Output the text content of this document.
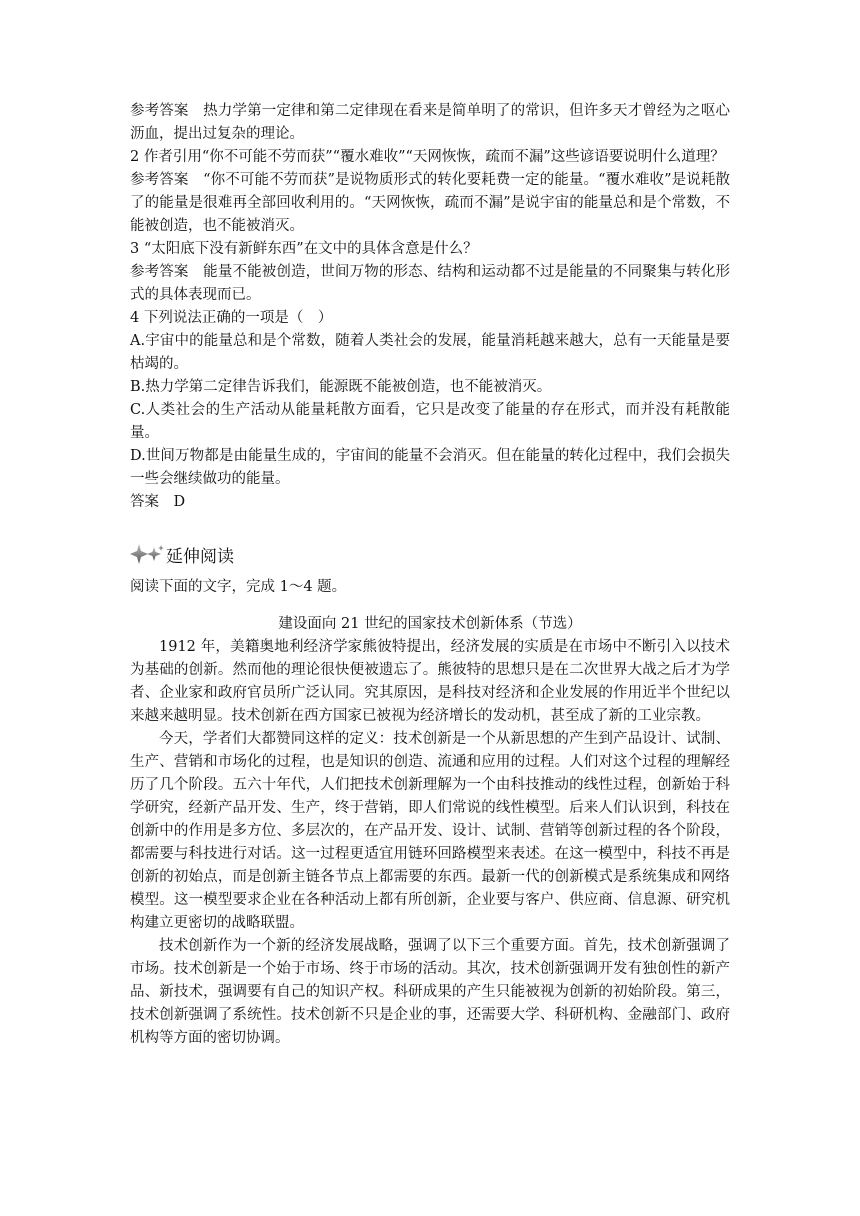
参考答案　热力学第一定律和第二定律现在看来是简单明了的常识，但许多天才曾经为之呕心沥血，提出过复杂的理论。

2 作者引用“你不可能不劳而获”“覆水难收”“天网恢恢，疏而不漏”这些谚语要说明什么道理？

参考答案　“你不可能不劳而获”是说物质形式的转化要耗费一定的能量。“覆水难收”是说耗散了的能量是很难再全部回收利用的。“天网恢恢，疏而不漏”是说宇宙的能量总和是个常数，不能被创造，也不能被消灭。

3 “太阳底下没有新鲜东西”在文中的具体含意是什么？

参考答案　能量不能被创造，世间万物的形态、结构和运动都不过是能量的不同聚集与转化形式的具体表现而已。

4 下列说法正确的一项是（　）

A.宇宙中的能量总和是个常数，随着人类社会的发展，能量消耗越来越大，总有一天能量是要枯竭的。

B.热力学第二定律告诉我们，能源既不能被创造，也不能被消灭。

C.人类社会的生产活动从能量耗散方面看，它只是改变了能量的存在形式，而并没有耗散能量。

D.世间万物都是由能量生成的，宇宙间的能量不会消灭。但在能量的转化过程中，我们会损失一些会继续做功的能量。

答案　D

延伸阅读

阅读下面的文字，完成 1～4 题。

建设面向 21 世纪的国家技术创新体系（节选）

1912 年，美籍奥地利经济学家熊彼特提出，经济发展的实质是在市场中不断引入以技术为基础的创新。然而他的理论很快便被遗忘了。熊彼特的思想只是在二次世界大战之后才为学者、企业家和政府官员所广泛认同。究其原因，是科技对经济和企业发展的作用近半个世纪以来越来越明显。技术创新在西方国家已被视为经济增长的发动机，甚至成了新的工业宗教。

今天，学者们大都赞同这样的定义：技术创新是一个从新思想的产生到产品设计、试制、生产、营销和市场化的过程，也是知识的创造、流通和应用的过程。人们对这个过程的理解经历了几个阶段。五六十年代，人们把技术创新理解为一个由科技推动的线性过程，创新始于科学研究，经新产品开发、生产，终于营销，即人们常说的线性模型。后来人们认识到，科技在创新中的作用是多方位、多层次的，在产品开发、设计、试制、营销等创新过程的各个阶段，都需要与科技进行对话。这一过程更适宜用链环回路模型来表述。在这一模型中，科技不再是创新的初始点，而是创新主链各节点上都需要的东西。最新一代的创新模式是系统集成和网络模型。这一模型要求企业在各种活动上都有所创新，企业要与客户、供应商、信息源、研究机构建立更密切的战略联盟。

技术创新作为一个新的经济发展战略，强调了以下三个重要方面。首先，技术创新强调了市场。技术创新是一个始于市场、终于市场的活动。其次，技术创新强调开发有独创性的新产品、新技术，强调要有自己的知识产权。科研成果的产生只能被视为创新的初始阶段。第三，技术创新强调了系统性。技术创新不只是企业的事，还需要大学、科研机构、金融部门、政府机构等方面的密切协调。
